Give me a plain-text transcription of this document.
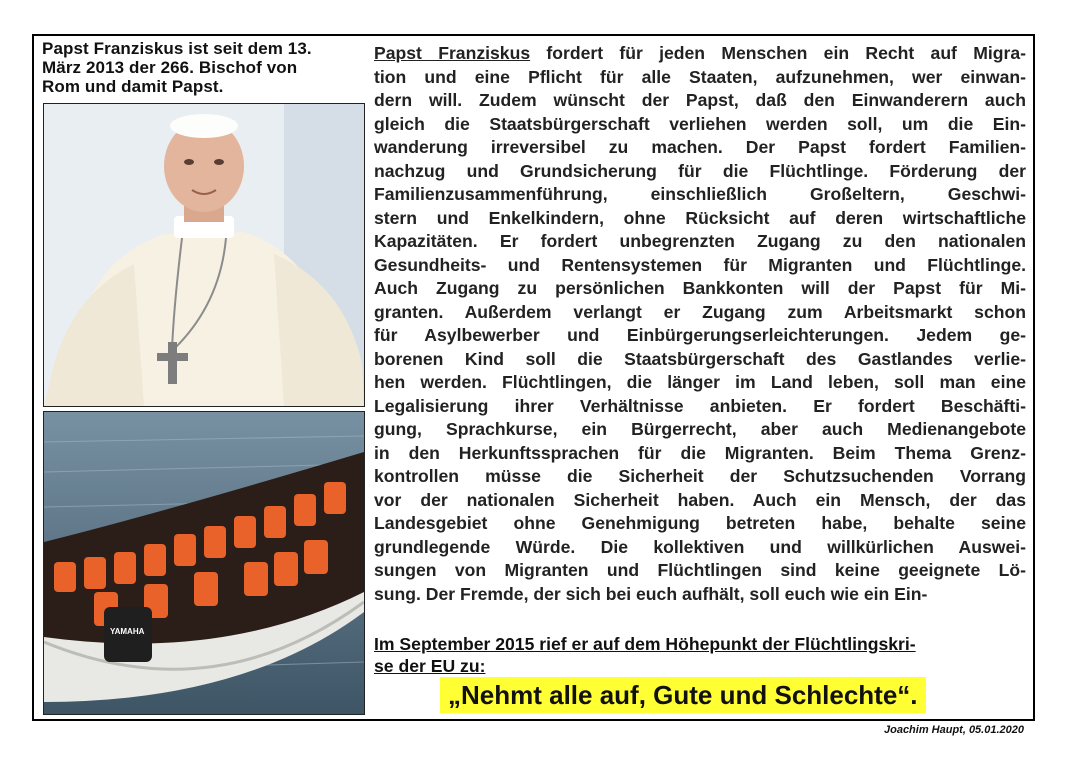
Papst Franziskus ist seit dem 13.
März 2013 der 266. Bischof von
Rom und damit Papst.
YAMAHA
Papst Franziskus fordert für jeden Menschen ein Recht auf Migra-
tion und eine Pflicht für alle Staaten, aufzunehmen, wer einwan-
dern will. Zudem wünscht der Papst, daß den Einwanderern auch
gleich die Staatsbürgerschaft verliehen werden soll, um die Ein-
wanderung irreversibel zu machen. Der Papst fordert Familien-
nachzug und Grundsicherung für die Flüchtlinge. Förderung der
Familienzusammenführung, einschließlich Großeltern, Geschwi-
stern und Enkelkindern, ohne Rücksicht auf deren wirtschaftliche
Kapazitäten. Er fordert unbegrenzten Zugang zu den nationalen
Gesundheits- und Rentensystemen für Migranten und Flüchtlinge.
Auch Zugang zu persönlichen Bankkonten will der Papst für Mi-
granten. Außerdem verlangt er Zugang zum Arbeitsmarkt schon
für Asylbewerber und Einbürgerungserleichterungen. Jedem ge-
borenen Kind soll die Staatsbürgerschaft des Gastlandes verlie-
hen werden. Flüchtlingen, die länger im Land leben, soll man eine
Legalisierung ihrer Verhältnisse anbieten. Er fordert Beschäfti-
gung, Sprachkurse, ein Bürgerrecht, aber auch Medienangebote
in den Herkunftssprachen für die Migranten. Beim Thema Grenz-
kontrollen müsse die Sicherheit der Schutzsuchenden Vorrang
vor der nationalen Sicherheit haben. Auch ein Mensch, der das
Landesgebiet ohne Genehmigung betreten habe, behalte seine
grundlegende Würde. Die kollektiven und willkürlichen Auswei-
sungen von Migranten und Flüchtlingen sind keine geeignete Lö-
sung. Der Fremde, der sich bei euch aufhält, soll euch wie ein Ein-
Im September 2015 rief er auf dem Höhepunkt der Flüchtlingskri-
se der EU zu:
„Nehmt alle auf, Gute und Schlechte“.
Joachim Haupt, 05.01.2020
